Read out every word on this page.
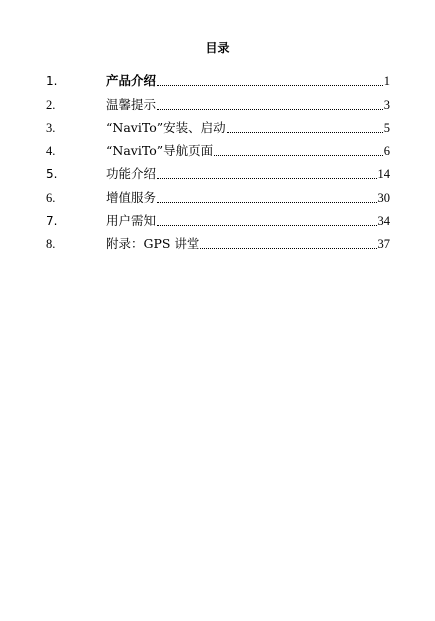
目录
1.	产品介绍	1
2.	温馨提示	3
3.	“NaviTo”安装、启动	5
4.	“NaviTo”导航页面	6
5.	功能介绍	14
6.	增值服务	30
7.	用户需知	34
8.	附录：GPS 讲堂	37
